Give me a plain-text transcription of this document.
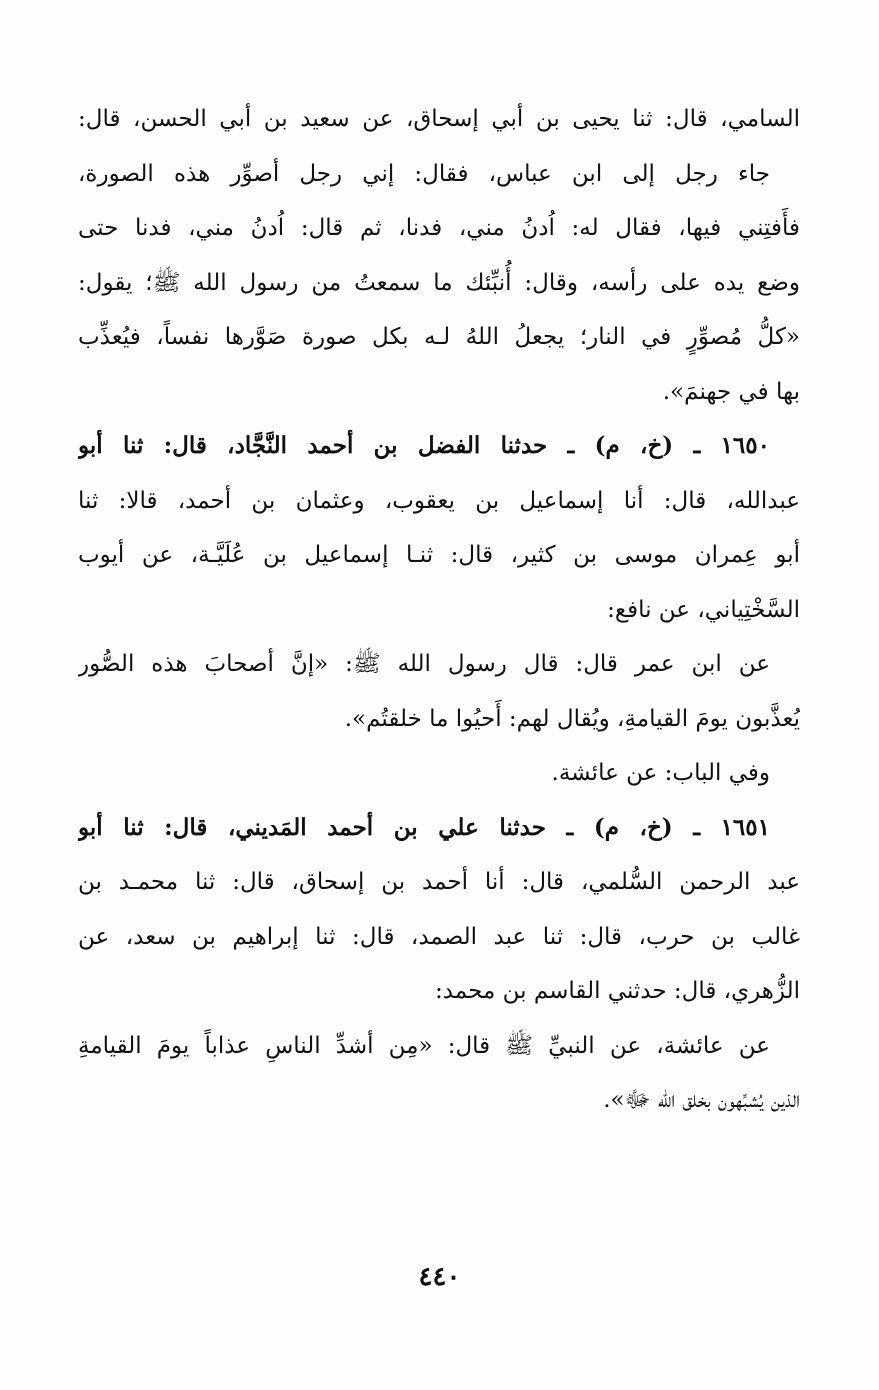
السامي، قال: ثنا يحيى بن أبي إسحاق، عن سعيد بن أبي الحسن، قال:
جاء رجل إلى ابن عباس، فقال: إني رجل أصوِّر هذه الصورة،
فأَفتِني فيها، فقال له: اُدنُ مني، فدنا، ثم قال: اُدنُ مني، فدنا حتى
وضع يده على رأسه، وقال: أُنبِّئك ما سمعتُ من رسول الله ﷺ؛ يقول:
«كلُّ مُصوِّرٍ في النار؛ يجعلُ اللهُ لـه بكل صورة صَوَّرها نفساً، فيُعذِّب
بها في جهنمَ».
١٦٥٠ ـ (خ، م) ـ حدثنا الفضل بن أحمد النَّجَّاد، قال: ثنا أبو
عبدالله، قال: أنا إسماعيل بن يعقوب، وعثمان بن أحمد، قالا: ثنا
أبو عِمران موسى بن كثير، قال: ثنـا إسماعيل بن عُلَيَّـة، عن أيوب
السَّخْتِياني، عن نافع:
عن ابن عمر قال: قال رسول الله ﷺ: «إنَّ أصحابَ هذه الصُّور
يُعذَّبون يومَ القيامةِ، ويُقال لهم: أَحيُوا ما خلقتُم».
وفي الباب: عن عائشة.
١٦٥١ ـ (خ، م) ـ حدثنا علي بن أحمد المَديني، قال: ثنا أبو
عبد الرحمن السُّلمي، قال: أنا أحمد بن إسحاق، قال: ثنا محمـد بن
غالب بن حرب، قال: ثنا عبد الصمد، قال: ثنا إبراهيم بن سعد، عن
الزُّهري، قال: حدثني القاسم بن محمد:
عن عائشة، عن النبيِّ ﷺ قال: «مِن أشدِّ الناسِ عذاباً يومَ القيامةِ
الذين يُشبِّهون بخلق الله ﷻ».
٤٤٠
